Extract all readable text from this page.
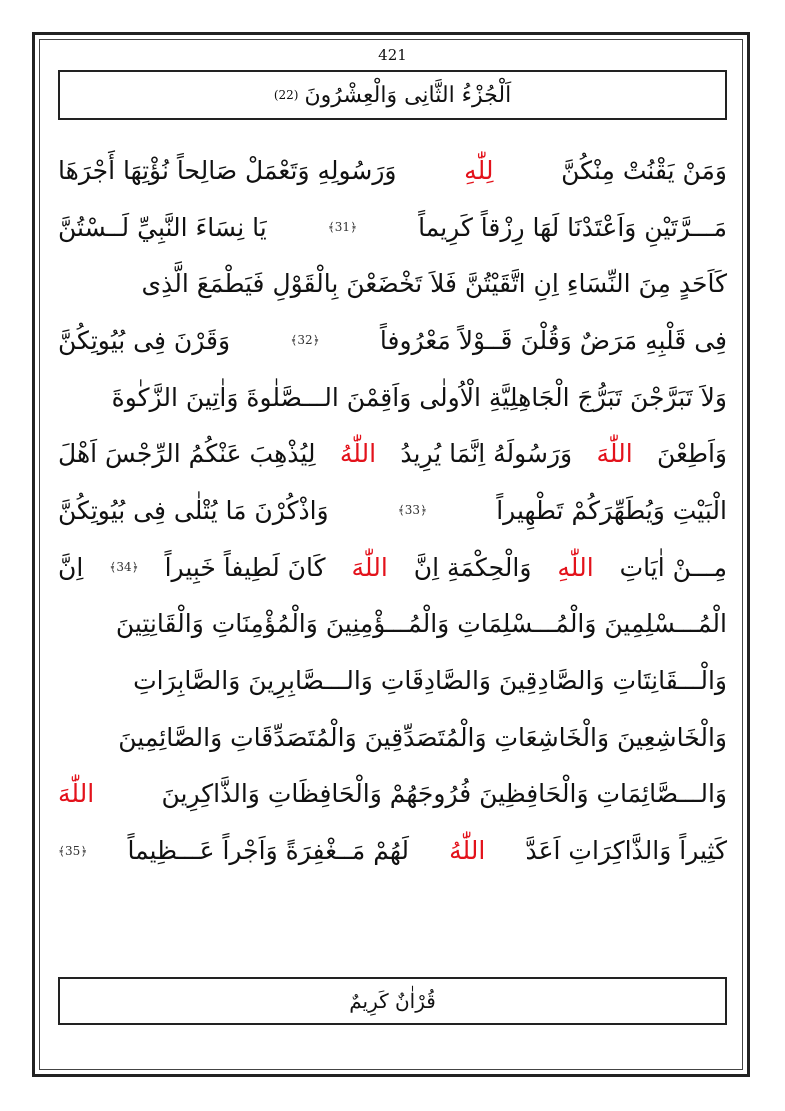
421
اَلْجُزْءُ الثَّانِى وَالْعِشْرُونَ
(22)
وَمَنْ يَقْنُتْ مِنْكُنَّ
لِلّٰهِ
وَرَسُولِهِ وَتَعْمَلْ صَالِحاً نُؤْتِهَا أَجْرَهَا
مَـــرَّتَيْنِ وَاَعْتَدْنَا لَهَا رِزْقاً كَرِيماً
﴿31﴾
يَا نِسَاءَ النَّبِيِّ لَــسْتُنَّ
كَاَحَدٍ مِنَ النِّسَاءِ اِنِ اتَّقَيْتُنَّ فَلاَ تَخْضَعْنَ بِالْقَوْلِ فَيَطْمَعَ الَّذِى
فِى قَلْبِهِ مَرَضٌ وَقُلْنَ قَــوْلاً مَعْرُوفاً
﴿32﴾
وَقَرْنَ فِى بُيُوتِكُنَّ
وَلاَ تَبَرَّجْنَ تَبَرُّجَ الْجَاهِلِيَّةِ الْاُولٰى وَاَقِمْنَ الـــصَّلٰوةَ وَاٰتِينَ الزَّكٰوةَ
وَاَطِعْنَ
اللّٰهَ
وَرَسُولَهُ اِنَّمَا يُرِيدُ
اللّٰهُ
لِيُذْهِبَ عَنْكُمُ الرِّجْسَ اَهْلَ
الْبَيْتِ وَيُطَهِّرَكُمْ تَطْهِيراً
﴿33﴾
وَاذْكُرْنَ مَا يُتْلٰى فِى بُيُوتِكُنَّ
مِـــنْ اٰيَاتِ
اللّٰهِ
وَالْحِكْمَةِ اِنَّ
اللّٰهَ
كَانَ لَطِيفاً خَبِيراً
﴿34﴾
اِنَّ
الْمُـــسْلِمِينَ وَالْمُـــسْلِمَاتِ وَالْمُـــؤْمِنِينَ وَالْمُؤْمِنَاتِ وَالْقَانِتِينَ
وَالْـــقَانِتَاتِ وَالصَّادِقِينَ وَالصَّادِقَاتِ وَالـــصَّابِرِينَ وَالصَّابِرَاتِ
وَالْخَاشِعِينَ وَالْخَاشِعَاتِ وَالْمُتَصَدِّقِينَ وَالْمُتَصَدِّقَاتِ وَالصَّائِمِينَ
وَالـــصَّائِمَاتِ وَالْحَافِظِينَ فُرُوجَهُمْ وَالْحَافِظَاتِ وَالذَّاكِرِينَ
اللّٰهَ
كَثِيراً وَالذَّاكِرَاتِ اَعَدَّ
اللّٰهُ
لَهُمْ مَــغْفِرَةً وَاَجْراً عَـــظِيماً
﴿35﴾
قُرْاٰنٌ كَرِيمٌ
